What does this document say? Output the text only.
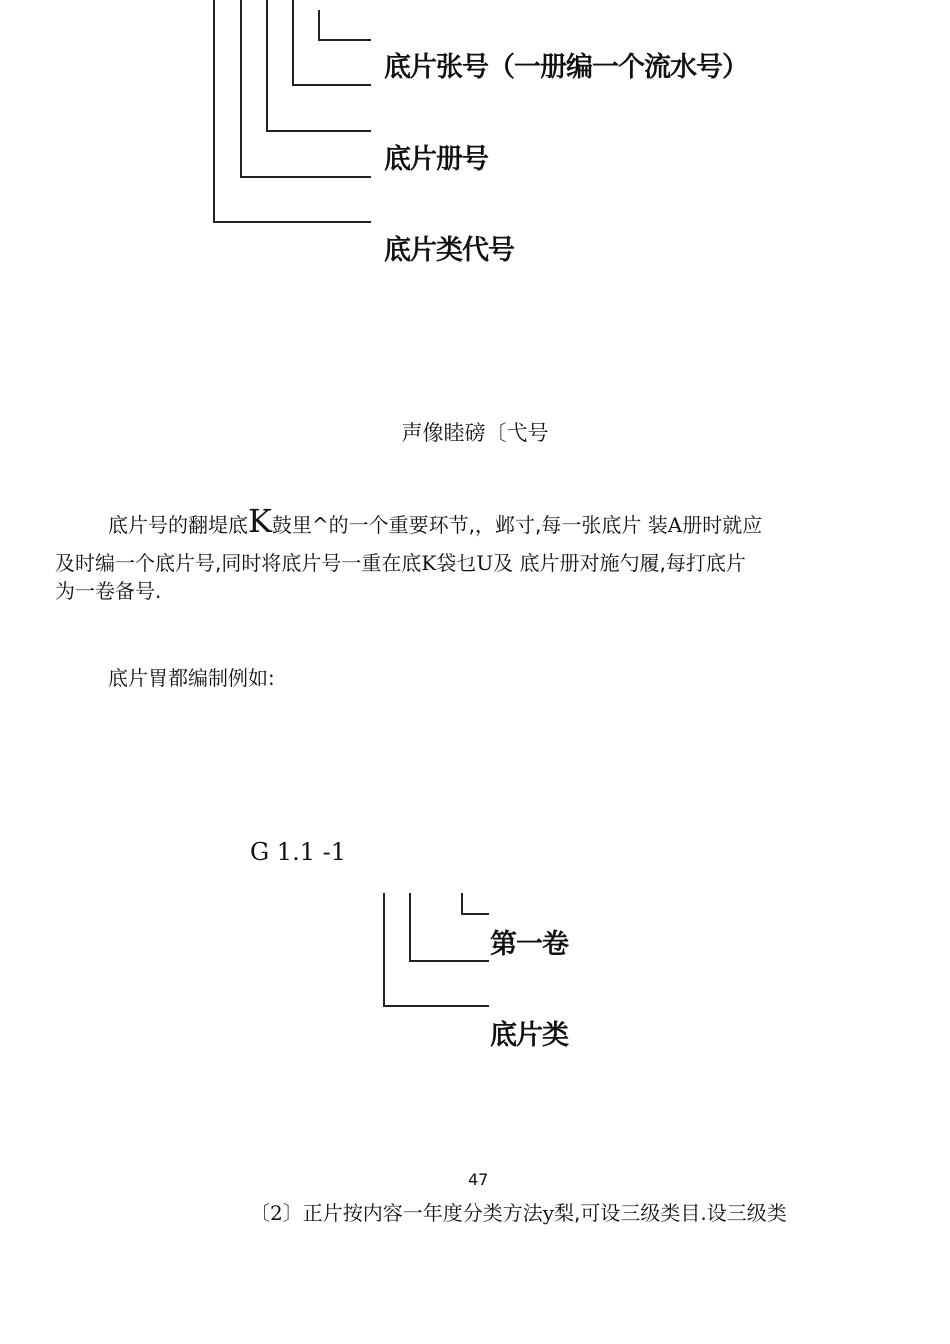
底片张号（一册编一个流水号）
底片册号
底片类代号
声像睦磅〔弋号
底片号的翻堤底K鼓里^的一个重要环节,，邺寸,每一张底片 装A册时就应
及时编一个底片号,同时将底片号一重在底K袋乜U及 底片册对施勺履,每打底片
为一卷备号.
底片胃都编制例如:
G 1.1 -1
第一卷
底片类
47
〔2〕正片按内容一年度分类方法y梨,可设三级类目.设三级类
